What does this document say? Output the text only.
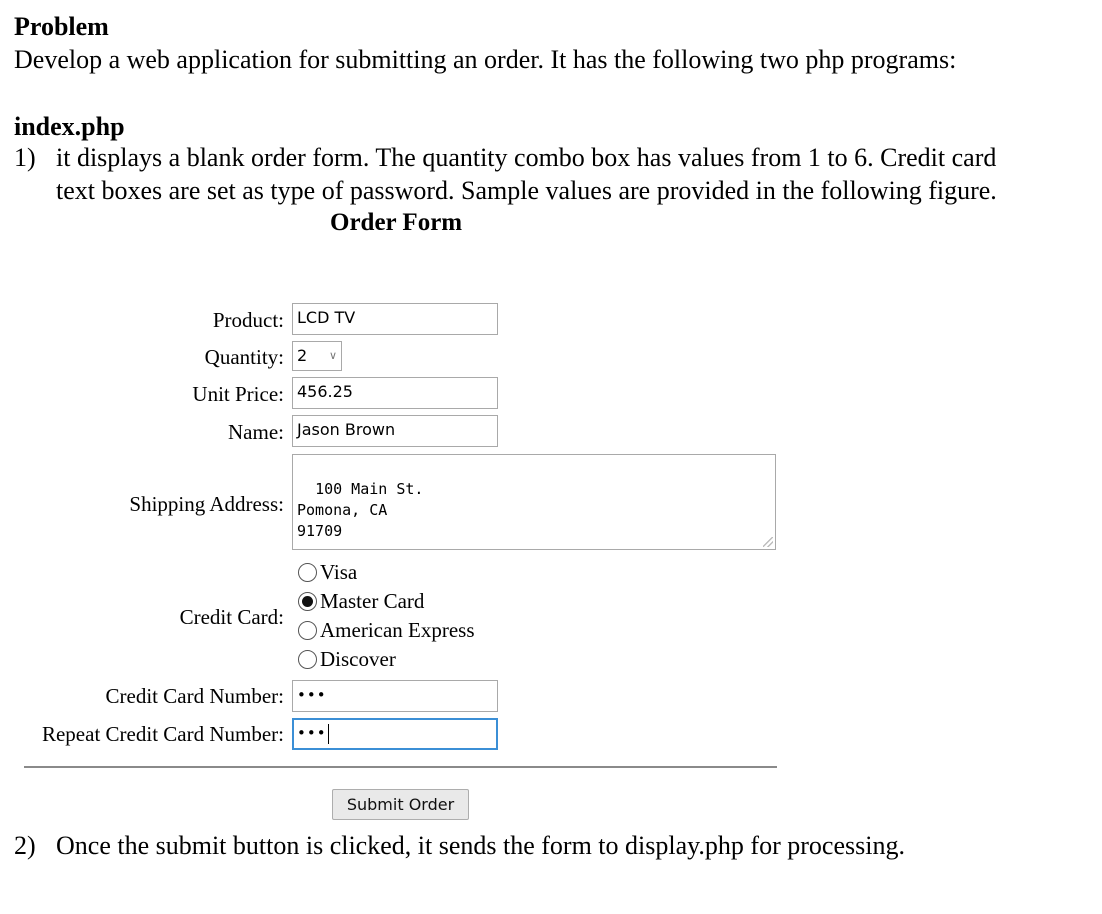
Problem
Develop a web application for submitting an order. It has the following two php programs:
index.php
1) it displays a blank order form. The quantity combo box has values from 1 to 6. Credit card
text boxes are set as type of password. Sample values are provided in the following figure.
Order Form
Product: LCD TV
Quantity: 2 ∨
Unit Price: 456.25
Name: Jason Brown
Shipping Address:

100 Main St.
Pomona, CA
91709

Credit Card:
Visa
Master Card
American Express
Discover
Credit Card Number: •••
Repeat Credit Card Number: •••
Submit Order
2) Once the submit button is clicked, it sends the form to display.php for processing.
